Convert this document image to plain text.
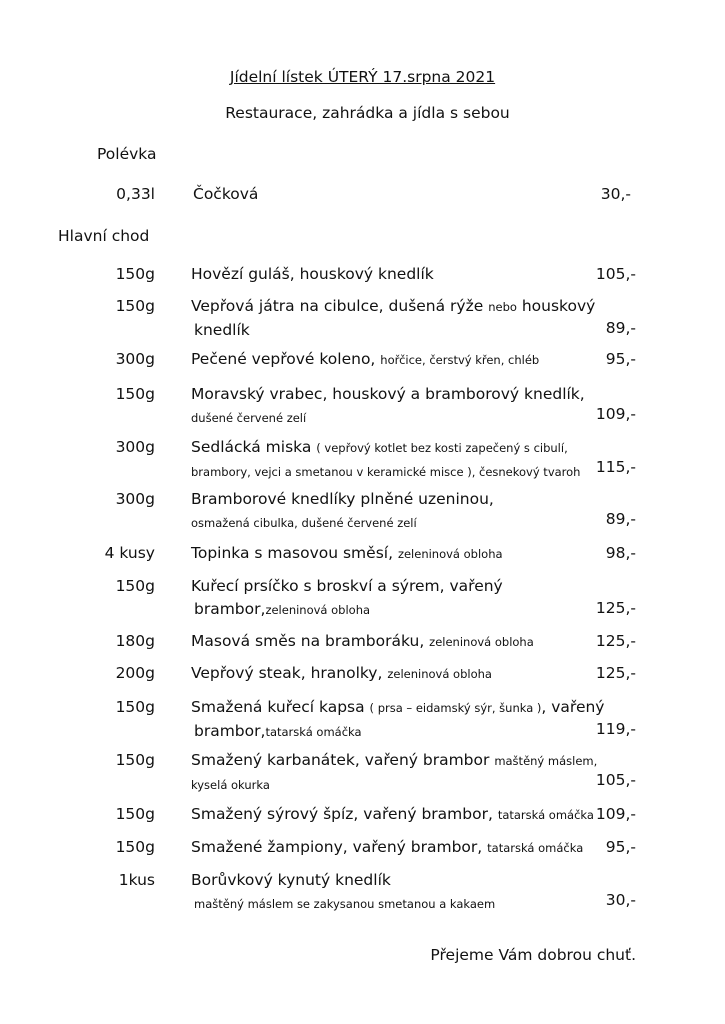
Jídelní lístek ÚTERÝ 17.srpna 2021
Restaurace, zahrádka a jídla s sebou
Polévka
0,33l Čočková	30,-
Hlavní chod
150g Hovězí guláš, houskový knedlík	105,-
150g Vepřová játra na cibulce, dušená rýže nebo houskový
knedlík	89,-
300g Pečené vepřové koleno, hořčice, čerstvý křen, chléb	95,-
150g Moravský vrabec, houskový a bramborový knedlík,
dušené červené zelí	109,-
300g Sedlácká miska ( vepřový kotlet bez kosti zapečený s cibulí,
brambory, vejci a smetanou v keramické misce ), česnekový tvaroh 115,-
300g Bramborové knedlíky plněné uzeninou,
osmažená cibulka, dušené červené zelí	89,-
4 kusy Topinka s masovou směsí, zeleninová obloha	98,-
150g Kuřecí prsíčko s broskví a sýrem, vařený
brambor,zeleninová obloha	125,-
180g Masová směs na bramboráku, zeleninová obloha	125,-
200g Vepřový steak, hranolky, zeleninová obloha	125,-
150g Smažená kuřecí kapsa ( prsa – eidamský sýr, šunka ), vařený
brambor,tatarská omáčka	119,-
150g Smažený karbanátek, vařený brambor maštěný máslem,
kyselá okurka	105,-
150g Smažený sýrový špíz, vařený brambor, tatarská omáčka 109,-
150g Smažené žampiony, vařený brambor, tatarská omáčka 95,-
1kus Borůvkový kynutý knedlík
maštěný máslem se zakysanou smetanou a kakaem	30,-
Přejeme Vám dobrou chuť.
